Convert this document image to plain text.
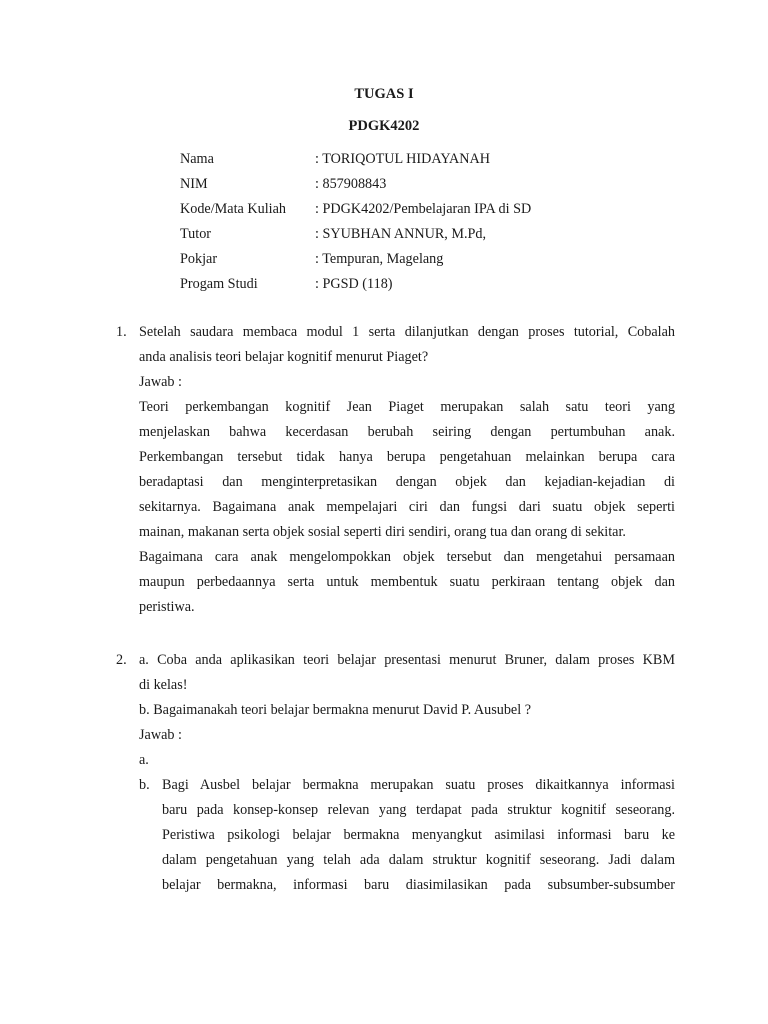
TUGAS I
PDGK4202
Nama	: TORIQOTUL HIDAYANAH
NIM	: 857908843
Kode/Mata Kuliah : PDGK4202/Pembelajaran IPA di SD
Tutor	: SYUBHAN ANNUR, M.Pd,
Pokjar	: Tempuran, Magelang
Progam Studi	: PGSD (118)
1. Setelah saudara membaca modul 1 serta dilanjutkan dengan proses tutorial, Cobalah
anda analisis teori belajar kognitif menurut Piaget?
Jawab :
Teori perkembangan kognitif Jean Piaget merupakan salah satu teori yang
menjelaskan bahwa kecerdasan berubah seiring dengan pertumbuhan anak.
Perkembangan tersebut tidak hanya berupa pengetahuan melainkan berupa cara
beradaptasi dan menginterpretasikan dengan objek dan kejadian-kejadian di
sekitarnya. Bagaimana anak mempelajari ciri dan fungsi dari suatu objek seperti
mainan, makanan serta objek sosial seperti diri sendiri, orang tua dan orang di sekitar.
Bagaimana cara anak mengelompokkan objek tersebut dan mengetahui persamaan
maupun perbedaannya serta untuk membentuk suatu perkiraan tentang objek dan
peristiwa.
2. a. Coba anda aplikasikan teori belajar presentasi menurut Bruner, dalam proses KBM
di kelas!
b. Bagaimanakah teori belajar bermakna menurut David P. Ausubel ?
Jawab :
a.
b. Bagi Ausbel belajar bermakna merupakan suatu proses dikaitkannya informasi
baru pada konsep-konsep relevan yang terdapat pada struktur kognitif seseorang.
Peristiwa psikologi belajar bermakna menyangkut asimilasi informasi baru ke
dalam pengetahuan yang telah ada dalam struktur kognitif seseorang. Jadi dalam
belajar bermakna, informasi baru diasimilasikan pada subsumber-subsumber
